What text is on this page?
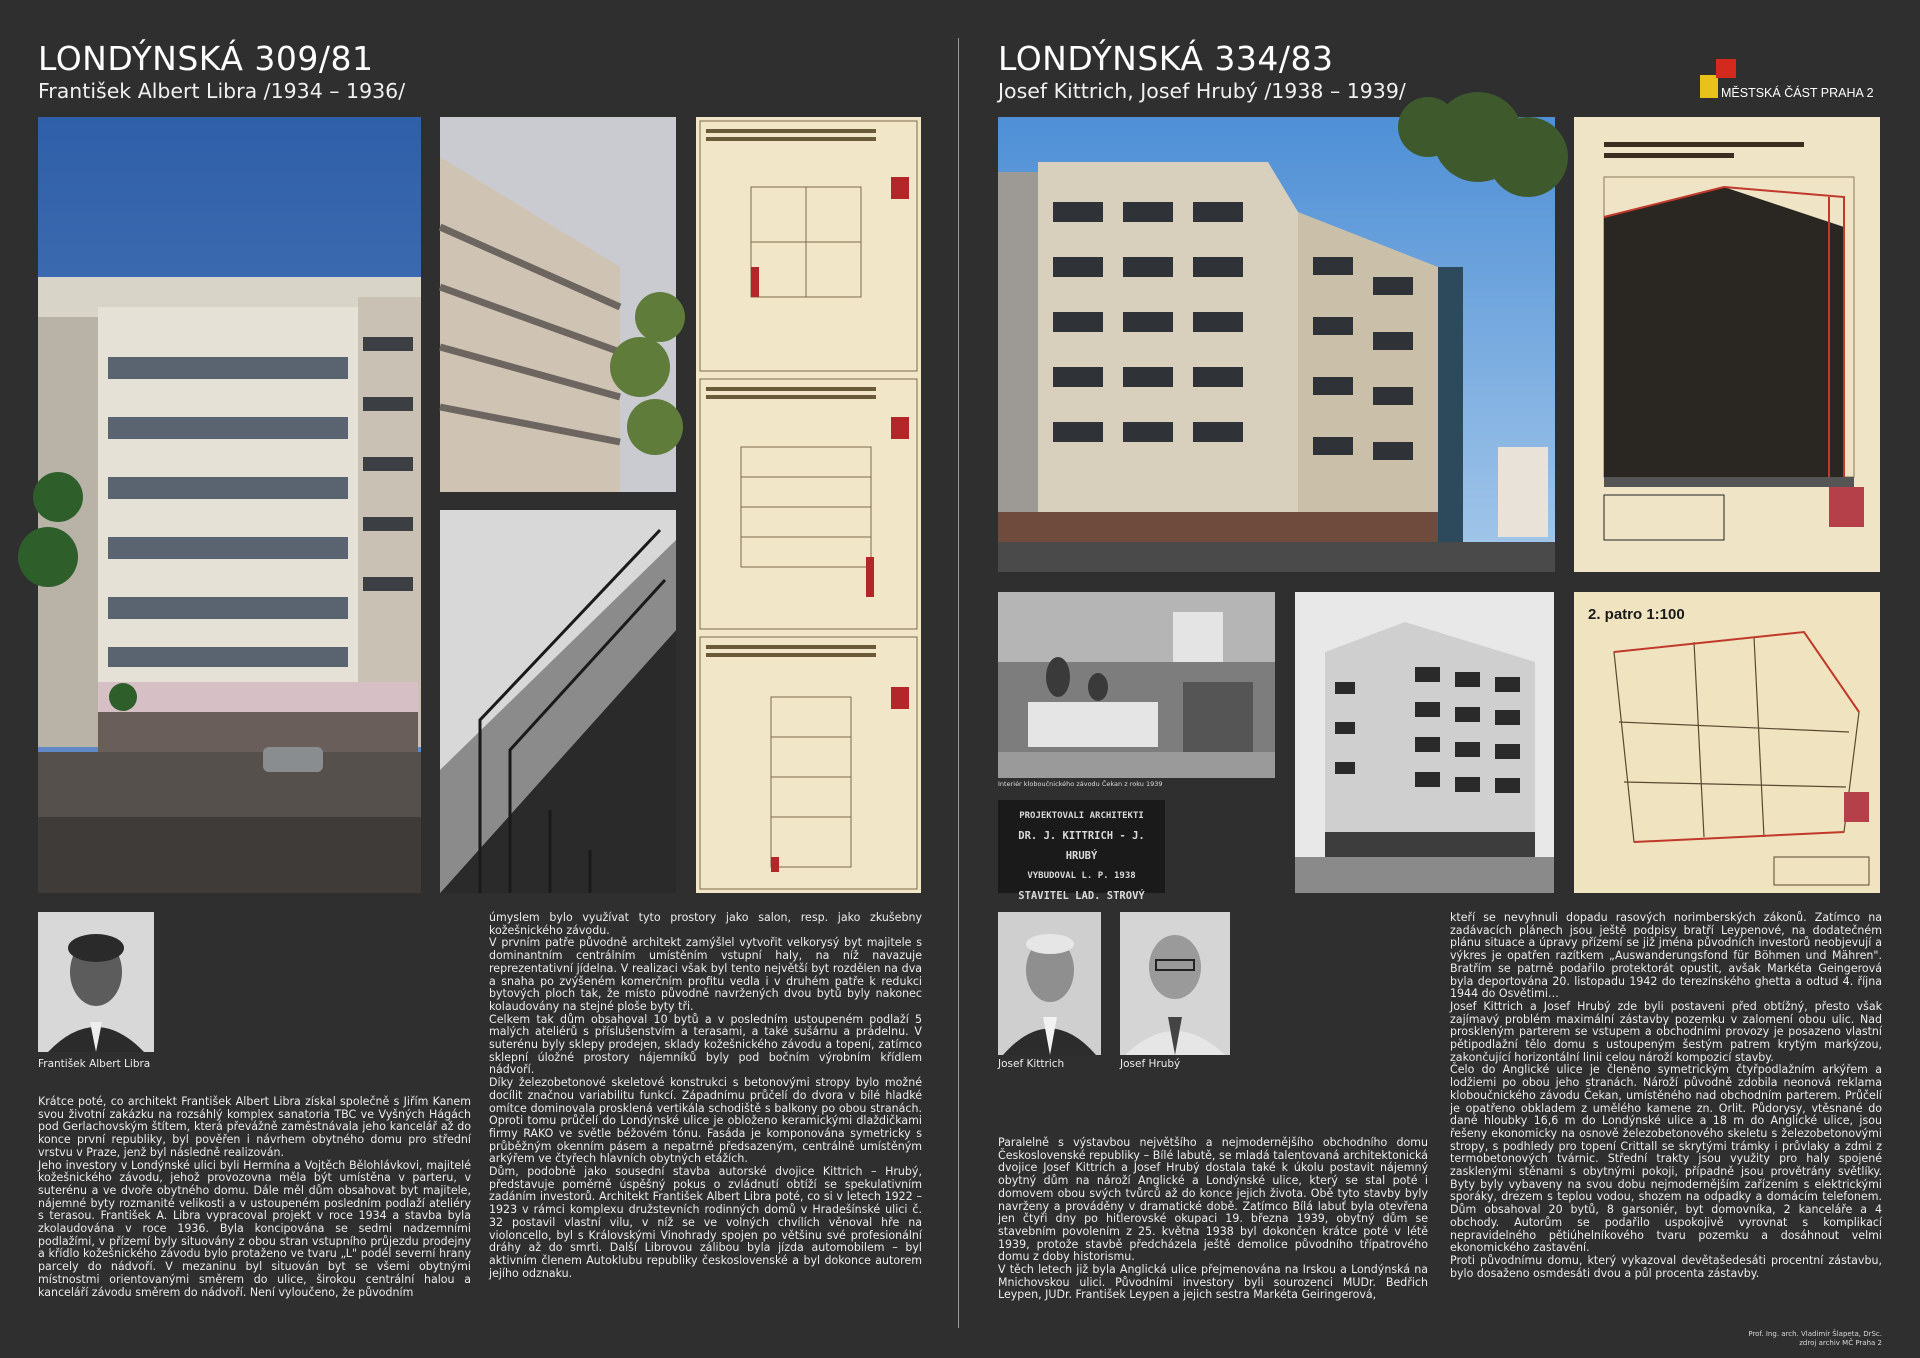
LONDÝNSKÁ 309/81
František Albert Libra /1934 – 1936/
František Albert Libra

Krátce poté, co architekt František Albert Libra získal společně s Jiřím Kanem svou životní zakázku na rozsáhlý komplex sanatoria TBC ve Vyšných Hágách pod Gerlachovským štítem, která převážně zaměstnávala jeho kancelář až do konce první republiky, byl pověřen i návrhem obytného domu pro střední vrstvu v Praze, jenž byl následně realizován.

Jeho investory v Londýnské ulici byli Hermína a Vojtěch Bělohlávkovi, majitelé kožešnického závodu, jehož provozovna měla být umístěna v parteru, v suterénu a ve dvoře obytného domu. Dále měl dům obsahovat byt majitele, nájemné byty rozmanité velikosti a v ustoupeném posledním podlaží ateliéry s terasou. František A. Libra vypracoval projekt v roce 1934 a stavba byla zkolaudována v roce 1936. Byla koncipována se sedmi nadzemními podlažími, v přízemí byly situovány z obou stran vstupního průjezdu prodejny a křídlo kožešnického závodu bylo protaženo ve tvaru „L" podél severní hrany parcely do nádvoří. V mezaninu byl situován byt se všemi obytnými místnostmi orientovanými směrem do ulice, širokou centrální halou a kanceláří závodu směrem do nádvoří. Není vyloučeno, že původním

úmyslem bylo využívat tyto prostory jako salon, resp. jako zkušebny kožešnického závodu.

V prvním patře původně architekt zamýšlel vytvořit velkorysý byt majitele s dominantním centrálním umístěním vstupní haly, na níž navazuje reprezentativní jídelna. V realizaci však byl tento největší byt rozdělen na dva a snaha po zvýšeném komerčním profitu vedla i v druhém patře k redukci bytových ploch tak, že místo původně navržených dvou bytů byly nakonec kolaudovány na stejné ploše byty tři.

Celkem tak dům obsahoval 10 bytů a v posledním ustoupeném podlaží 5 malých ateliérů s příslušenstvím a terasami, a také sušárnu a prádelnu. V suterénu byly sklepy prodejen, sklady kožešnického závodu a topení, zatímco sklepní úložné prostory nájemníků byly pod bočním výrobním křídlem nádvoří.

Díky železobetonové skeletové konstrukci s betonovými stropy bylo možné docílit značnou variabilitu funkcí. Západnímu průčelí do dvora v bílé hladké omítce dominovala prosklená vertikála schodiště s balkony po obou stranách. Oproti tomu průčelí do Londýnské ulice je obloženo keramickými dlaždičkami firmy RAKO ve světle béžovém tónu. Fasáda je komponována symetricky s průběžným okenním pásem a nepatrně předsazeným, centrálně umístěným arkýřem ve čtyřech hlavních obytných etážích.

Dům, podobně jako sousední stavba autorské dvojice Kittrich – Hrubý, představuje poměrně úspěšný pokus o zvládnutí obtíží se spekulativním zadáním investorů. Architekt František Albert Libra poté, co si v letech 1922 – 1923 v rámci komplexu družstevních rodinných domů v Hradešínské ulici č. 32 postavil vlastní vilu, v níž se ve volných chvílích věnoval hře na violoncello, byl s Královskými Vinohrady spojen po většinu své profesionální dráhy až do smrti. Další Librovou zálibou byla jízda automobilem – byl aktivním členem Autoklubu republiky československé a byl dokonce autorem jejího odznaku.

LONDÝNSKÁ 334/83
Josef Kittrich, Josef Hrubý /1938 – 1939/	MĚSTSKÁ ČÁST PRAHA 2
Interiér kloboučnického závodu Čekan z roku 1939
PROJEKTOVALI ARCHITEKTI
DR. J. KITTRICH - J. HRUBÝ
VYBUDOVAL L. P. 1938
STAVITEL LAD. STROVÝ
2. patro 1:100
Josef Kittrich	Josef Hrubý

Paralelně s výstavbou největšího a nejmodernějšího obchodního domu Československé republiky – Bílé labutě, se mladá talentovaná architektonická dvojice Josef Kittrich a Josef Hrubý dostala také k úkolu postavit nájemný obytný dům na nároží Anglické a Londýnské ulice, který se stal poté i domovem obou svých tvůrců až do konce jejich života. Obě tyto stavby byly navrženy a prováděny v dramatické době. Zatímco Bílá labuť byla otevřena jen čtyři dny po hitlerovské okupaci 19. března 1939, obytný dům se stavebním povolením z 25. května 1938 byl dokončen krátce poté v létě 1939, protože stavbě předcházela ještě demolice původního třípatrového domu z doby historismu.

V těch letech již byla Anglická ulice přejmenována na Irskou a Londýnská na Mnichovskou ulici. Původními investory byli sourozenci MUDr. Bedřich Leypen, JUDr. František Leypen a jejich sestra Markéta Geiringerová,

kteří se nevyhnuli dopadu rasových norimberských zákonů. Zatímco na zadávacích plánech jsou ještě podpisy bratří Leypenové, na dodatečném plánu situace a úpravy přízemí se již jména původních investorů neobjevují a výkres je opatřen razítkem „Auswanderungsfond für Böhmen und Mähren". Bratřím se patrně podařilo protektorát opustit, avšak Markéta Geingerová byla deportována 20. listopadu 1942 do terezínského ghetta a odtud 4. října 1944 do Osvětimi…

Josef Kittrich a Josef Hrubý zde byli postaveni před obtížný, přesto však zajímavý problém maximální zástavby pozemku v zalomení obou ulic. Nad proskleným parterem se vstupem a obchodními provozy je posazeno vlastní pětipodlažní tělo domu s ustoupeným šestým patrem krytým markýzou, zakončující horizontální linii celou nároží kompozicí stavby.

Čelo do Anglické ulice je členěno symetrickým čtyřpodlažním arkýřem a lodžiemi po obou jeho stranách. Nároží původně zdobila neonová reklama kloboučnického závodu Čekan, umístěného nad obchodním parterem. Průčelí je opatřeno obkladem z umělého kamene zn. Orlit. Půdorysy, vtěsnané do dané hloubky 16,6 m do Londýnské ulice a 18 m do Anglické ulice, jsou řešeny ekonomicky na osnově železobetonového skeletu s železobetonovými stropy, s podhledy pro topení Crittall se skrytými trámky i průvlaky a zdmi z termobetonových tvárnic. Střední trakty jsou využity pro haly spojené zasklenými stěnami s obytnými pokoji, případně jsou provětrány světlíky. Byty byly vybaveny na svou dobu nejmodernějším zařízením s elektrickými sporáky, drezem s teplou vodou, shozem na odpadky a domácím telefonem. Dům obsahoval 20 bytů, 8 garsoniér, byt domovníka, 2 kanceláře a 4 obchody. Autorům se podařilo uspokojivě vyrovnat s komplikací nepravidelného pětiúhelníkového tvaru pozemku a dosáhnout velmi ekonomického zastavění.

Proti původnímu domu, který vykazoval devětašedesáti procentní zástavbu, bylo dosaženo osmdesáti dvou a půl procenta zástavby.

Prof. Ing. arch. Vladimír Šlapeta, DrSc.
zdroj archiv MČ Praha 2
